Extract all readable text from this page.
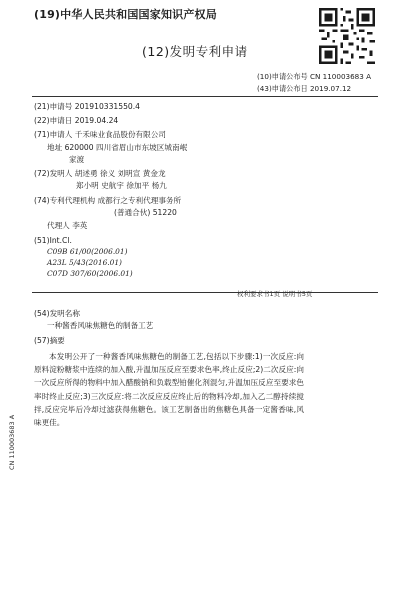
(19)中华人民共和国国家知识产权局
(12)发明专利申请
(10)申请公布号 CN 110003683 A
(43)申请公布日 2019.07.12
(21)申请号 201910331550.4
(22)申请日 2019.04.24
(71)申请人 千禾味业食品股份有限公司
地址 620000 四川省眉山市东坡区城南岷
家渡
(72)发明人 胡述勇 徐义 刘明宣 黄金龙
郑小明 史航宇 徐加平 杨九
(74)专利代理机构 成都行之专利代理事务所
(普通合伙) 51220
代理人 李英
(51)Int.Cl.
C09B 61/00(2006.01)
A23L 5/43(2016.01)
C07D 307/60(2006.01)
权利要求书1页 说明书5页
(54)发明名称
一种酱香风味焦糖色的制备工艺
(57)摘要
本发明公开了一种酱香风味焦糖色的制备工艺,包括以下步骤:1)一次反应:向原料淀粉糖浆中连续的加入酸,升温加压反应至要求色率,终止反应;2)二次反应:向一次反应所得的物料中加入醋酸钠和负载型铂催化剂混匀,升温加压反应至要求色率时终止反应;3)三次反应:将二次反应反应终止后的物料冷却,加入乙二醇持续搅拌,反应完毕后冷却过滤获得焦糖色。该工艺制备出的焦糖色具备一定酱香味,风味更佳。
CN 110003683 A
